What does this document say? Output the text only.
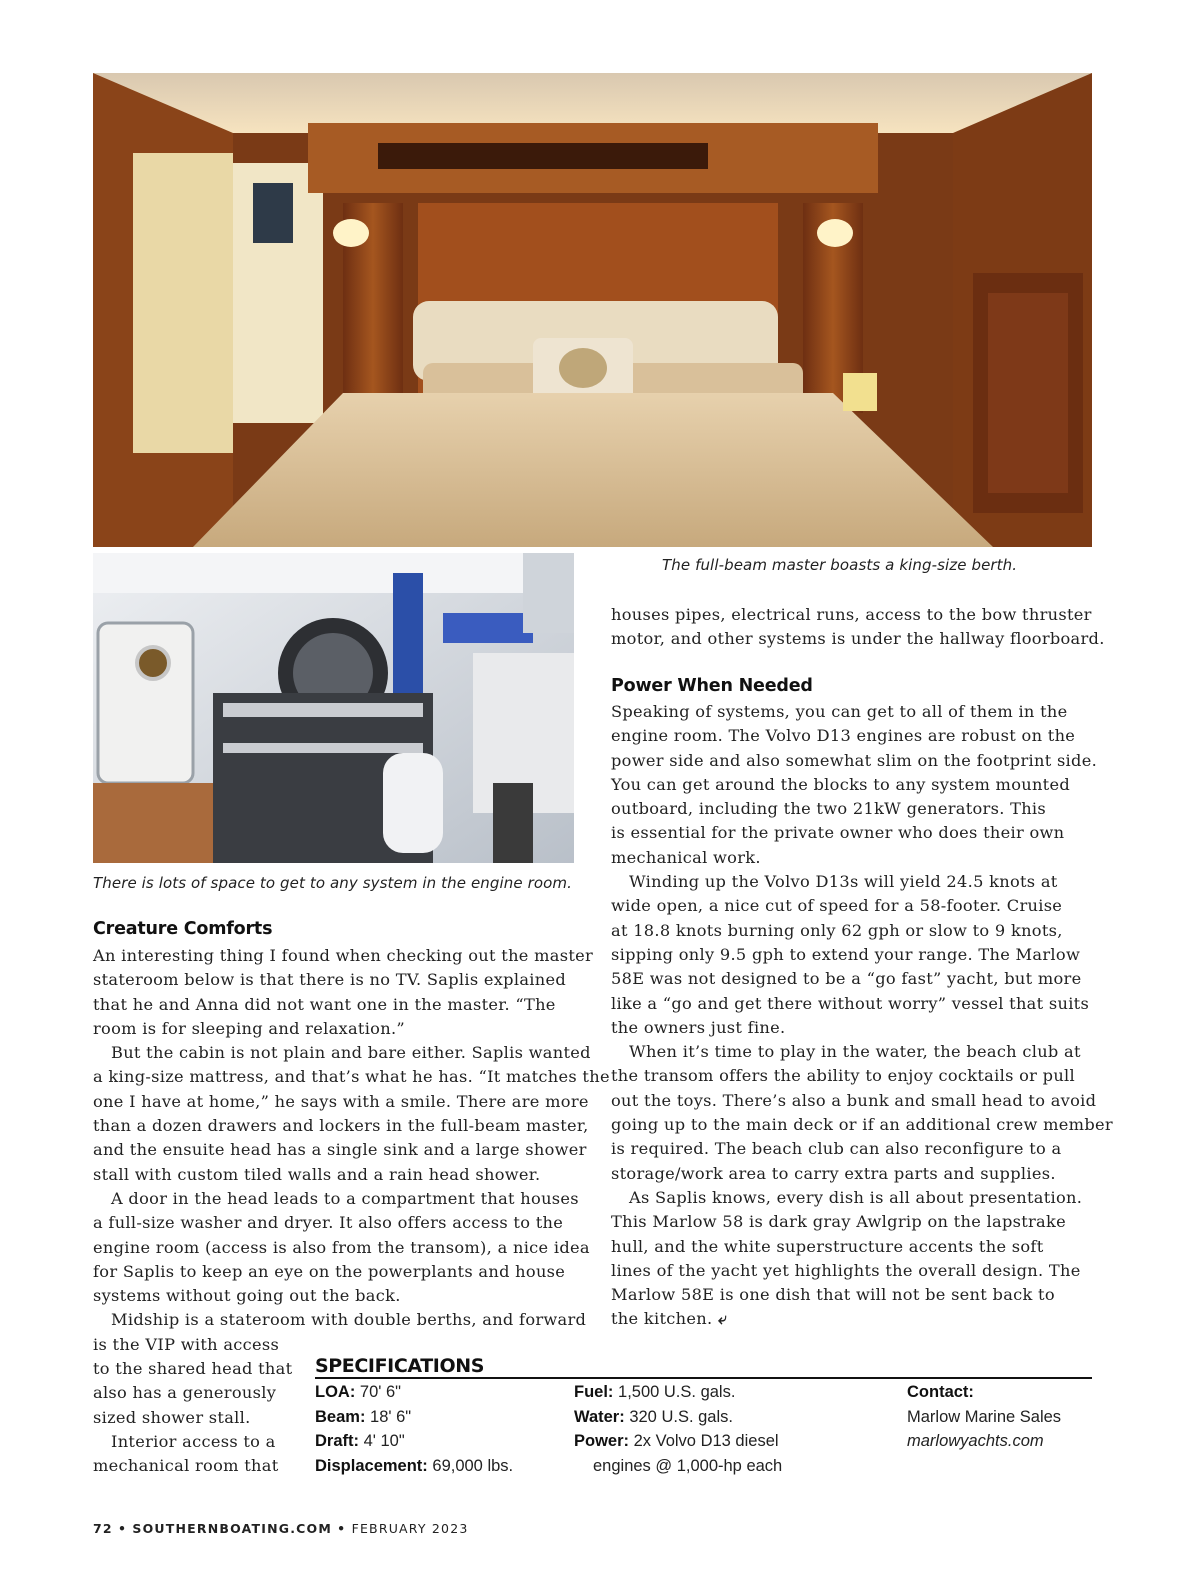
The full-beam master boasts a king-size berth.
There is lots of space to get to any system in the engine room.
Creature Comforts
An interesting thing I found when checking out the master
stateroom below is that there is no TV. Saplis explained
that he and Anna did not want one in the master. “The
room is for sleeping and relaxation.”
But the cabin is not plain and bare either. Saplis wanted
a king-size mattress, and that’s what he has. “It matches the
one I have at home,” he says with a smile. There are more
than a dozen drawers and lockers in the full-beam master,
and the ensuite head has a single sink and a large shower
stall with custom tiled walls and a rain head shower.
A door in the head leads to a compartment that houses
a full-size washer and dryer. It also offers access to the
engine room (access is also from the transom), a nice idea
for Saplis to keep an eye on the powerplants and house
systems without going out the back.
Midship is a stateroom with double berths, and forward
is the VIP with access
to the shared head that
also has a generously
sized shower stall.
Interior access to a
mechanical room that
houses pipes, electrical runs, access to the bow thruster
motor, and other systems is under the hallway floorboard.
Power When Needed
Speaking of systems, you can get to all of them in the
engine room. The Volvo D13 engines are robust on the
power side and also somewhat slim on the footprint side.
You can get around the blocks to any system mounted
outboard, including the two 21kW generators. This
is essential for the private owner who does their own
mechanical work.
Winding up the Volvo D13s will yield 24.5 knots at
wide open, a nice cut of speed for a 58-footer. Cruise
at 18.8 knots burning only 62 gph or slow to 9 knots,
sipping only 9.5 gph to extend your range. The Marlow
58E was not designed to be a “go fast” yacht, but more
like a “go and get there without worry” vessel that suits
the owners just fine.
When it’s time to play in the water, the beach club at
the transom offers the ability to enjoy cocktails or pull
out the toys. There’s also a bunk and small head to avoid
going up to the main deck or if an additional crew member
is required. The beach club can also reconfigure to a
storage/work area to carry extra parts and supplies.
As Saplis knows, every dish is all about presentation.
This Marlow 58 is dark gray Awlgrip on the lapstrake
hull, and the white superstructure accents the soft
lines of the yacht yet highlights the overall design. The
Marlow 58E is one dish that will not be sent back to
the kitchen. ⤶
SPECIFICATIONS
LOA: 70' 6"
Beam: 18' 6"
Draft: 4' 10"
Displacement: 69,000 lbs.
Fuel: 1,500 U.S. gals.
Water: 320 U.S. gals.
Power: 2x Volvo D13 diesel
engines @ 1,000-hp each
Contact:
Marlow Marine Sales
marlowyachts.com
72 • SOUTHERNBOATING.COM • FEBRUARY 2023
